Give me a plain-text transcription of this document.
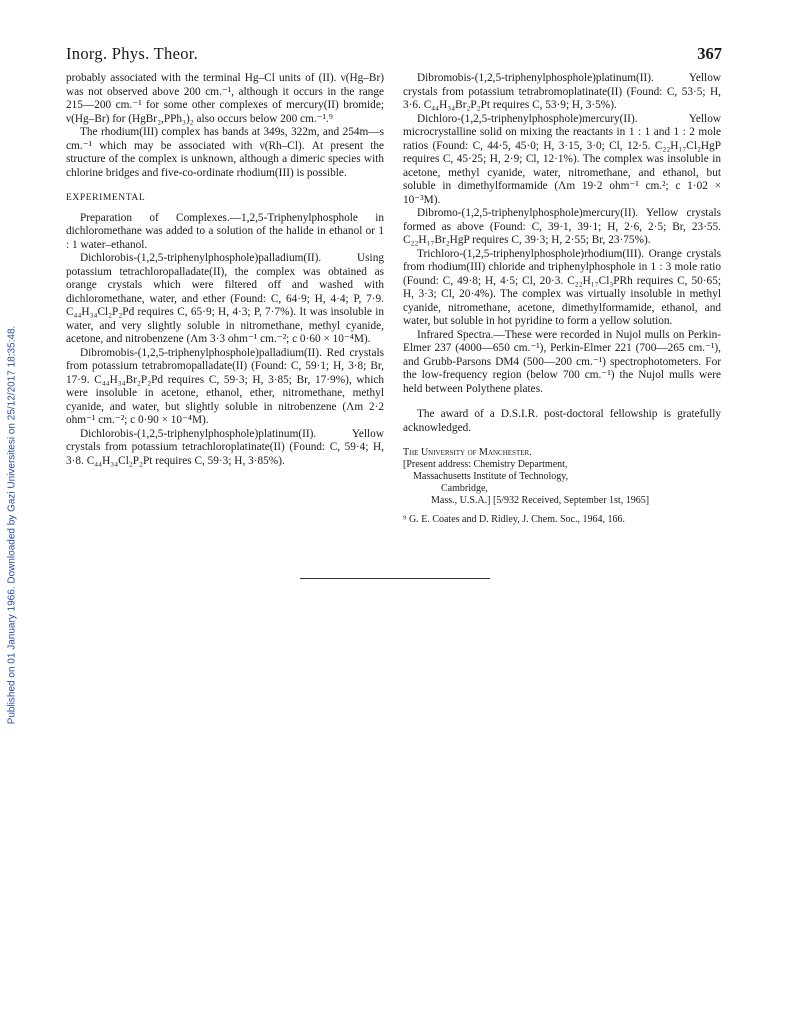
Inorg. Phys. Theor.	367
Published on 01 January 1966. Downloaded by Gazi Universitesi on 25/12/2017 18:35:48.

probably associated with the terminal Hg–Cl units of (II). ν(Hg–Br) was not observed above 200 cm.⁻¹, although it occurs in the range 215—200 cm.⁻¹ for some other complexes of mercury(II) bromide; ν(Hg–Br) for (HgBr₂,PPh₃)₂ also occurs below 200 cm.⁻¹.⁹

The rhodium(III) complex has bands at 349s, 322m, and 254m—s cm.⁻¹ which may be associated with ν(Rh–Cl). At present the structure of the complex is unknown, although a dimeric species with chlorine bridges and five-co-ordinate rhodium(III) is possible.

EXPERIMENTAL

Preparation of Complexes.—1,2,5-Triphenylphosphole in dichloromethane was added to a solution of the halide in ethanol or 1 : 1 water–ethanol.

Dichlorobis-(1,2,5-triphenylphosphole)palladium(II). Using potassium tetrachloropalladate(II), the complex was obtained as orange crystals which were filtered off and washed with dichloromethane, water, and ether (Found: C, 64·9; H, 4·4; P, 7·9. C₄₄H₃₄Cl₂P₂Pd requires C, 65·9; H, 4·3; P, 7·7%). It was insoluble in water, and very slightly soluble in nitromethane, methyl cyanide, acetone, and nitrobenzene (Λm 3·3 ohm⁻¹ cm.⁻²; c 0·60 × 10⁻⁴M).

Dibromobis-(1,2,5-triphenylphosphole)palladium(II). Red crystals from potassium tetrabromopalladate(II) (Found: C, 59·1; H, 3·8; Br, 17·9. C₄₄H₃₄Br₂P₂Pd requires C, 59·3; H, 3·85; Br, 17·9%), which were insoluble in acetone, ethanol, ether, nitromethane, methyl cyanide, and water, but slightly soluble in nitrobenzene (Λm 2·2 ohm⁻¹ cm.⁻²; c 0·90 × 10⁻⁴M).

Dichlorobis-(1,2,5-triphenylphosphole)platinum(II). Yellow crystals from potassium tetrachloroplatinate(II) (Found: C, 59·4; H, 3·8. C₄₄H₃₄Cl₂P₂Pt requires C, 59·3; H, 3·85%).

Dibromobis-(1,2,5-triphenylphosphole)platinum(II). Yellow crystals from potassium tetrabromoplatinate(II) (Found: C, 53·5; H, 3·6. C₄₄H₃₄Br₂P₂Pt requires C, 53·9; H, 3·5%).

Dichloro-(1,2,5-triphenylphosphole)mercury(II). Yellow microcrystalline solid on mixing the reactants in 1 : 1 and 1 : 2 mole ratios (Found: C, 44·5, 45·0; H, 3·15, 3·0; Cl, 12·5. C₂₂H₁₇Cl₂HgP requires C, 45·25; H, 2·9; Cl, 12·1%). The complex was insoluble in acetone, methyl cyanide, water, nitromethane, and ethanol, but soluble in dimethylformamide (Λm 19·2 ohm⁻¹ cm.²; c 1·02 × 10⁻³M).

Dibromo-(1,2,5-triphenylphosphole)mercury(II). Yellow crystals formed as above (Found: C, 39·1, 39·1; H, 2·6, 2·5; Br, 23·55. C₂₂H₁₇Br₂HgP requires C, 39·3; H, 2·55; Br, 23·75%).

Trichloro-(1,2,5-triphenylphosphole)rhodium(III). Orange crystals from rhodium(III) chloride and triphenylphosphole in 1 : 3 mole ratio (Found: C, 49·8; H, 4·5; Cl, 20·3. C₂₂H₁₇Cl₃PRh requires C, 50·65; H, 3·3; Cl, 20·4%). The complex was virtually insoluble in methyl cyanide, nitromethane, acetone, dimethylformamide, ethanol, and water, but soluble in hot pyridine to form a yellow solution.

Infrared Spectra.—These were recorded in Nujol mulls on Perkin-Elmer 237 (4000—650 cm.⁻¹), Perkin-Elmer 221 (700—265 cm.⁻¹), and Grubb-Parsons DM4 (500—200 cm.⁻¹) spectrophotometers. For the low-frequency region (below 700 cm.⁻¹) the Nujol mulls were held between Polythene plates.

The award of a D.S.I.R. post-doctoral fellowship is gratefully acknowledged.

The University of Manchester.
[Present address: Chemistry Department,
Massachusetts Institute of Technology,
Cambridge,
Mass., U.S.A.] [5/932 Received, September 1st, 1965]

⁹ G. E. Coates and D. Ridley, J. Chem. Soc., 1964, 166.
